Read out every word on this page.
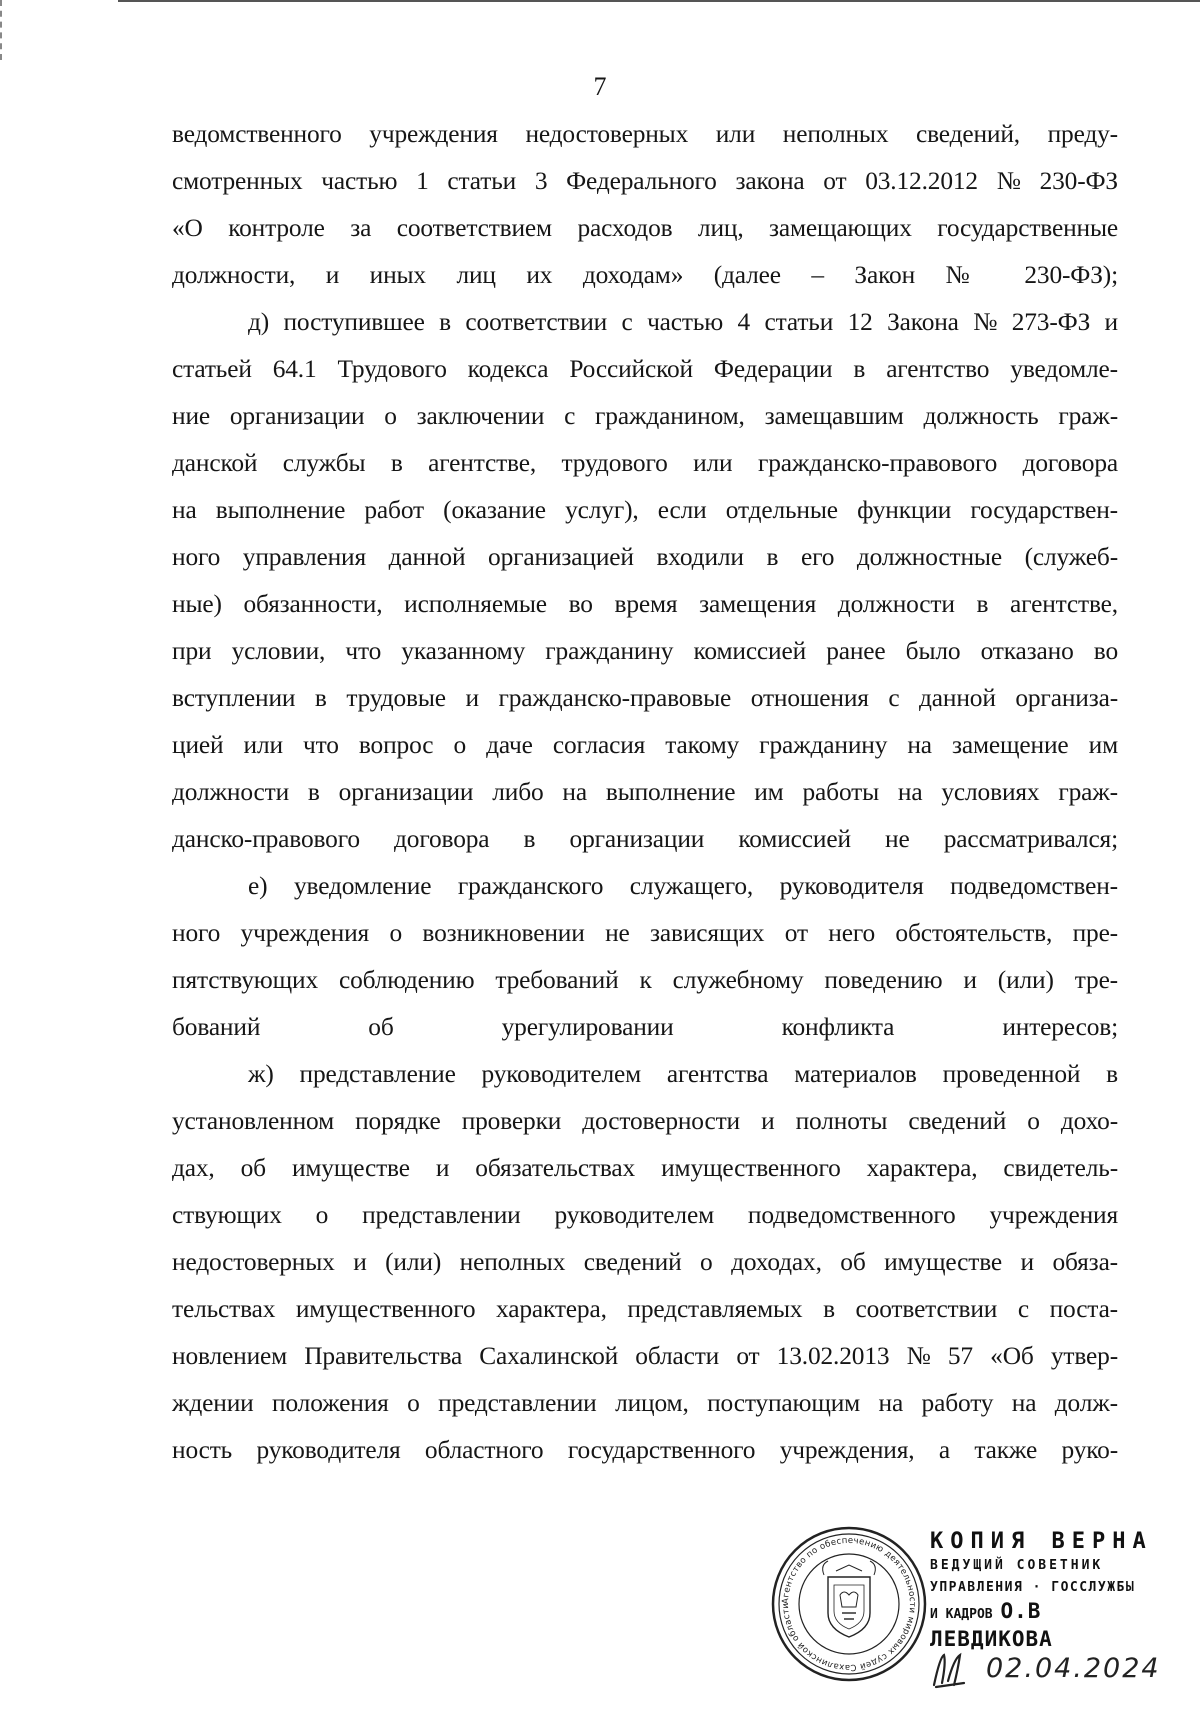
7
ведомственного учреждения недостоверных или неполных сведений, преду-
смотренных частью 1 статьи 3 Федерального закона от 03.12.2012 № 230-ФЗ
«О контроле за соответствием расходов лиц, замещающих государственные
должности, и иных лиц их доходам» (далее – Закон № 230-ФЗ);
д) поступившее в соответствии с частью 4 статьи 12 Закона № 273-ФЗ и
статьей 64.1 Трудового кодекса Российской Федерации в агентство уведомле-
ние организации о заключении с гражданином, замещавшим должность граж-
данской службы в агентстве, трудового или гражданско-правового договора
на выполнение работ (оказание услуг), если отдельные функции государствен-
ного управления данной организацией входили в его должностные (служеб-
ные) обязанности, исполняемые во время замещения должности в агентстве,
при условии, что указанному гражданину комиссией ранее было отказано во
вступлении в трудовые и гражданско-правовые отношения с данной организа-
цией или что вопрос о даче согласия такому гражданину на замещение им
должности в организации либо на выполнение им работы на условиях граж-
данско-правового договора в организации комиссией не рассматривался;
е) уведомление гражданского служащего, руководителя подведомствен-
ного учреждения о возникновении не зависящих от него обстоятельств, пре-
пятствующих соблюдению требований к служебному поведению и (или) тре-
бований об урегулировании конфликта интересов;
ж) представление руководителем агентства материалов проведенной в
установленном порядке проверки достоверности и полноты сведений о дохо-
дах, об имуществе и обязательствах имущественного характера, свидетель-
ствующих о представлении руководителем подведомственного учреждения
недостоверных и (или) неполных сведений о доходах, об имуществе и обяза-
тельствах имущественного характера, представляемых в соответствии с поста-
новлением Правительства Сахалинской области от 13.02.2013 № 57 «Об утвер-
ждении положения о представлении лицом, поступающим на работу на долж-
ность руководителя областного государственного учреждения, а также руко-
Агентство по обеспечению деятельности мировых судей Сахалинской области
КОПИЯ ВЕРНА
ВЕДУЩИЙ СОВЕТНИК
УПРАВЛЕНИЯ · ГОССЛУЖБЫ
И КАДРОВ О.В ЛЕВДИКОВА
02.04.2024
